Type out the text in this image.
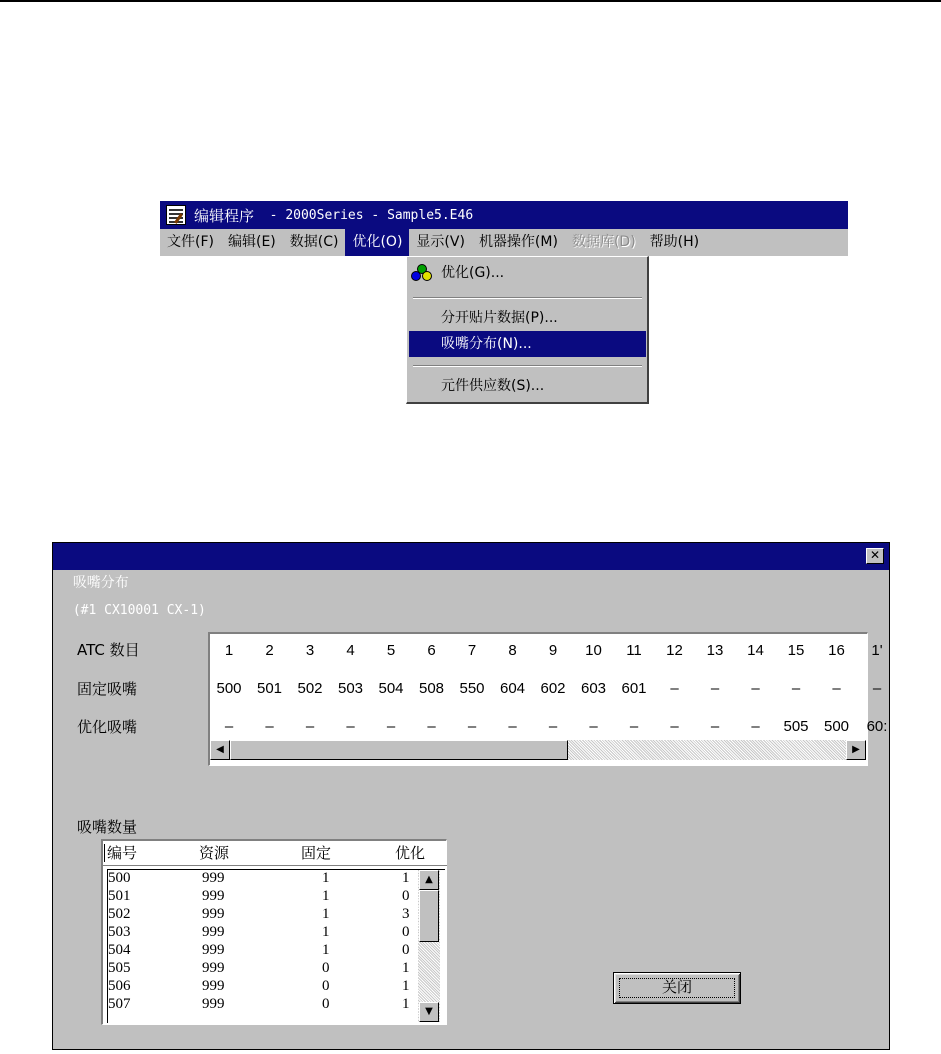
编辑程序 - 2000Series - Sample5.E46
文件(F)	编辑(E)	数据(C)	优化(O)	显示(V)	机器操作(M)	数据库(D)	帮助(H)
优化(G)...
分开贴片数据(P)...
吸嘴分布(N)...
元件供应数(S)...

吸嘴分布
(#1 CX10001 CX-1)

✕

ATC 数目
固定吸嘴
优化吸嘴
1	2	3	4	5	6	7	8	9	10	11	12	13	14	15	16	1'
500	501	502	503	504	508	550	604	602	603	601	–	–	–	–	–	–
–	–	–	–	–	–	–	–	–	–	–	–	–	–	505	500	60:
◀	▶
吸嘴数量
编号	资源	固定	优化
507	999	0	1
506	999	0	1
505	999	0	1
504	999	1	0
503	999	1	0
502	999	1	3
501	999	1	0
500	999	1	1	▲
▼
关闭
